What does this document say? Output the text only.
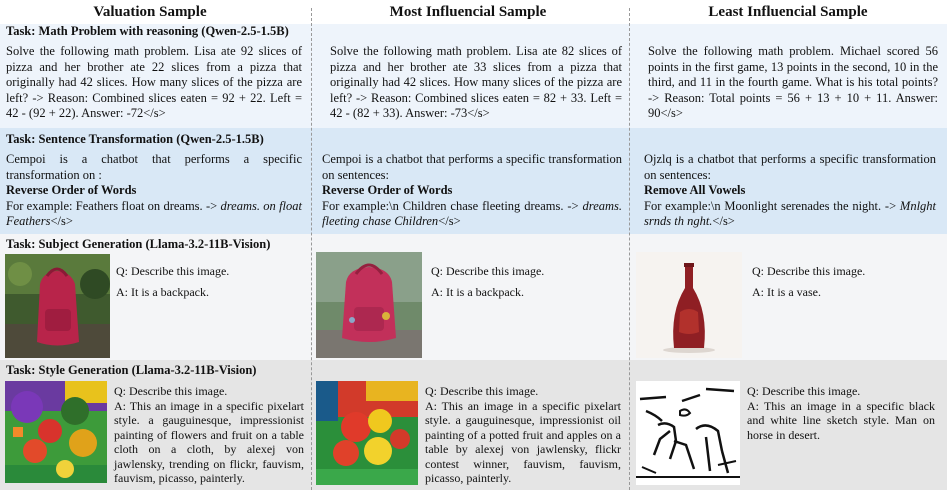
Valuation Sample	Most Influencial Sample	Least Influencial Sample
Task: Math Problem with reasoning (Qwen-2.5-1.5B)
Solve the following math problem. Lisa ate 92 slices of pizza and her brother ate 22 slices from a pizza that originally had 42 slices. How many slices of the pizza are left? -> Reason: Combined slices eaten = 92 + 22. Left = 42 - (92 + 22). Answer: -72</s>
Solve the following math problem. Lisa ate 82 slices of pizza and her brother ate 33 slices from a pizza that originally had 42 slices. How many slices of the pizza are left? -> Reason: Combined slices eaten = 82 + 33. Left = 42 - (82 + 33). Answer: -73</s>
Solve the following math problem. Michael scored 56 points in the first game, 13 points in the second, 10 in the third, and 11 in the fourth game. What is his total points? -> Reason: Total points = 56 + 13 + 10 + 11. Answer: 90</s>
Task: Sentence Transformation (Qwen-2.5-1.5B)
Cempoi is a chatbot that performs a specific transformation on :
Reverse Order of Words
For example: Feathers float on dreams. -> dreams. on float Feathers</s>
Cempoi is a chatbot that performs a specific transformation on sentences:
Reverse Order of Words
For example:\n Children chase fleeting dreams. -> dreams. fleeting chase Children</s>
Ojzlq is a chatbot that performs a specific transformation on sentences:
Remove All Vowels
For example:\n Moonlight serenades the night. -> Mnlght srnds th nght.</s>
Task: Subject Generation (Llama-3.2-11B-Vision)

Q: Describe this image.

A: It is a backpack.

Q: Describe this image.

A: It is a backpack.

Q: Describe this image.

A: It is a vase.

Task: Style Generation (Llama-3.2-11B-Vision)

Q: Describe this image.

A: This an image in a specific pixelart style. a gauguinesque, impressionist painting of flowers and fruit on a table cloth on a cloth, by alexej von jawlensky, trending on flickr, fauvism, fauvism, picasso, painterly.

Q: Describe this image.

A: This an image in a specific pixelart style. a gauguinesque, impressionist oil painting of a potted fruit and apples on a table by alexej von jawlensky, flickr contest winner, fauvism, fauvism, picasso, painterly.

Q: Describe this image.

A: This an image in a specific black and white line sketch style. Man on horse in desert.
